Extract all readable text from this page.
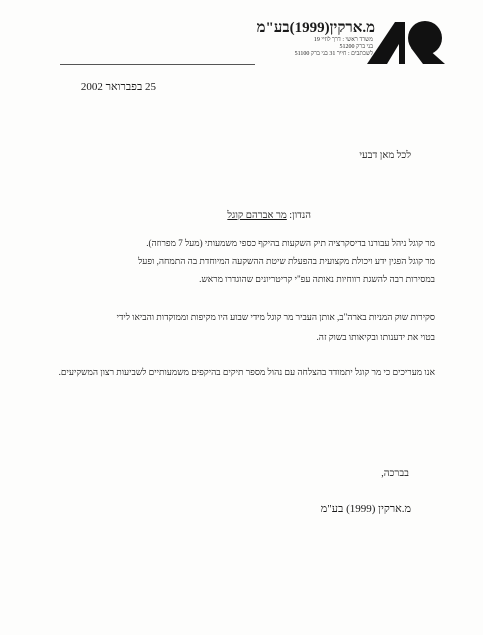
מ.ארקין(1999)בע"מ
משרד ראשי : דרך לוזיי 19
בני ברק 51200
לשכתבים : חייר 31 בני ברק 51100
25 בפברואר 2002
לכל מאן דבעי
הנדון: מר אברהם קוגל
מר קוגל ניהל עבורנו בדיסקרציה תיק השקעות בהיקף כספי משמעותי (מעל 7 מפרוזה).
מר קוגל הפגין ידע ויכולת מקצועית בהפעלת שיטת ההשקעה המיוחדת בה התמחה, ופעל
במסירות רבה להשגת רווחיות נאותה עפ"י קריטריונים שהוגדרו מראש.
סקירות שוק המניות בארה"ב, אותן העביר מר קוגל מידי שבוע היו מקיפות וממוקדות והביאו לידי
בטוי את ידענותו ובקיאותו בשוק זה.
אנו מעריכים כי מר קוגל יתמודד בהצלחה עם נהול מספר תיקים בהיקפים משמעותיים לשביעות רצון המשקיעים.
בברכה,
מ.ארקין (1999) בע"מ
